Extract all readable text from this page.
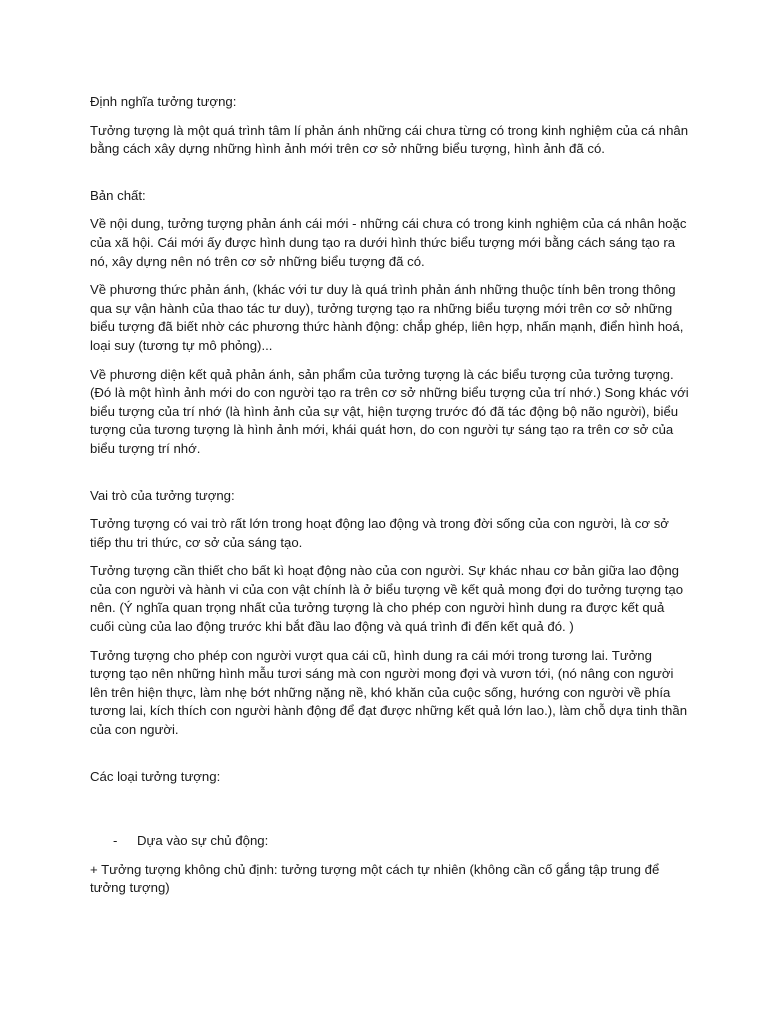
Định nghĩa tưởng tượng:

Tưởng tượng là một quá trình tâm lí phản ánh những cái chưa từng có trong kinh nghiệm của cá nhân bằng cách xây dựng những hình ảnh mới trên cơ sở những biểu tượng, hình ảnh đã có.

Bản chất:

Về nội dung, tưởng tượng phản ánh cái mới - những cái chưa có trong kinh nghiệm của cá nhân hoặc của xã hội. Cái mới ấy được hình dung tạo ra dưới hình thức biểu tượng mới bằng cách sáng tạo ra nó, xây dựng nên nó trên cơ sở những biểu tượng đã có.

Về phương thức phản ánh, (khác với tư duy là quá trình phản ánh những thuộc tính bên trong thông qua sự vận hành của thao tác tư duy), tưởng tượng tạo ra những biểu tượng mới trên cơ sở những biểu tượng đã biết nhờ các phương thức hành động: chắp ghép, liên hợp, nhấn mạnh, điển hình hoá, loại suy (tương tự mô phỏng)...

Về phương diện kết quả phản ánh, sản phẩm của tưởng tượng là các biểu tượng của tưởng tượng. (Đó là một hình ảnh mới do con người tạo ra trên cơ sở những biểu tượng của trí nhớ.) Song khác với biểu tượng của trí nhớ (là hình ảnh của sự vật, hiện tượng trước đó đã tác động bộ não người), biểu tượng của tương tượng là hình ảnh mới, khái quát hơn, do con người tự sáng tạo ra trên cơ sở của biểu tượng trí nhớ.

Vai trò của tưởng tượng:

Tưởng tượng có vai trò rất lớn trong hoạt động lao động và trong đời sống của con người, là cơ sở tiếp thu tri thức, cơ sở của sáng tạo.

Tưởng tượng cần thiết cho bất kì hoạt động nào của con người. Sự khác nhau cơ bản giữa lao động của con người và hành vi của con vật chính là ở biểu tượng về kết quả mong đợi do tưởng tượng tạo nên. (Ý nghĩa quan trọng nhất của tưởng tượng là cho phép con người hình dung ra được kết quả cuối cùng của lao động trước khi bắt đầu lao động và quá trình đi đến kết quả đó. )

Tưởng tượng cho phép con người vượt qua cái cũ, hình dung ra cái mới trong tương lai. Tưởng tượng tạo nên những hình mẫu tươi sáng mà con người mong đợi và vươn tới, (nó nâng con người lên trên hiện thực, làm nhẹ bớt những nặng nề, khó khăn của cuộc sống, hướng con người về phía tương lai, kích thích con người hành động để đạt được những kết quả lớn lao.), làm chỗ dựa tinh thần của con người.

Các loại tưởng tượng:

- Dựa vào sự chủ động:

+ Tưởng tượng không chủ định: tưởng tượng một cách tự nhiên (không cần cố gắng tập trung để tưởng tượng)
